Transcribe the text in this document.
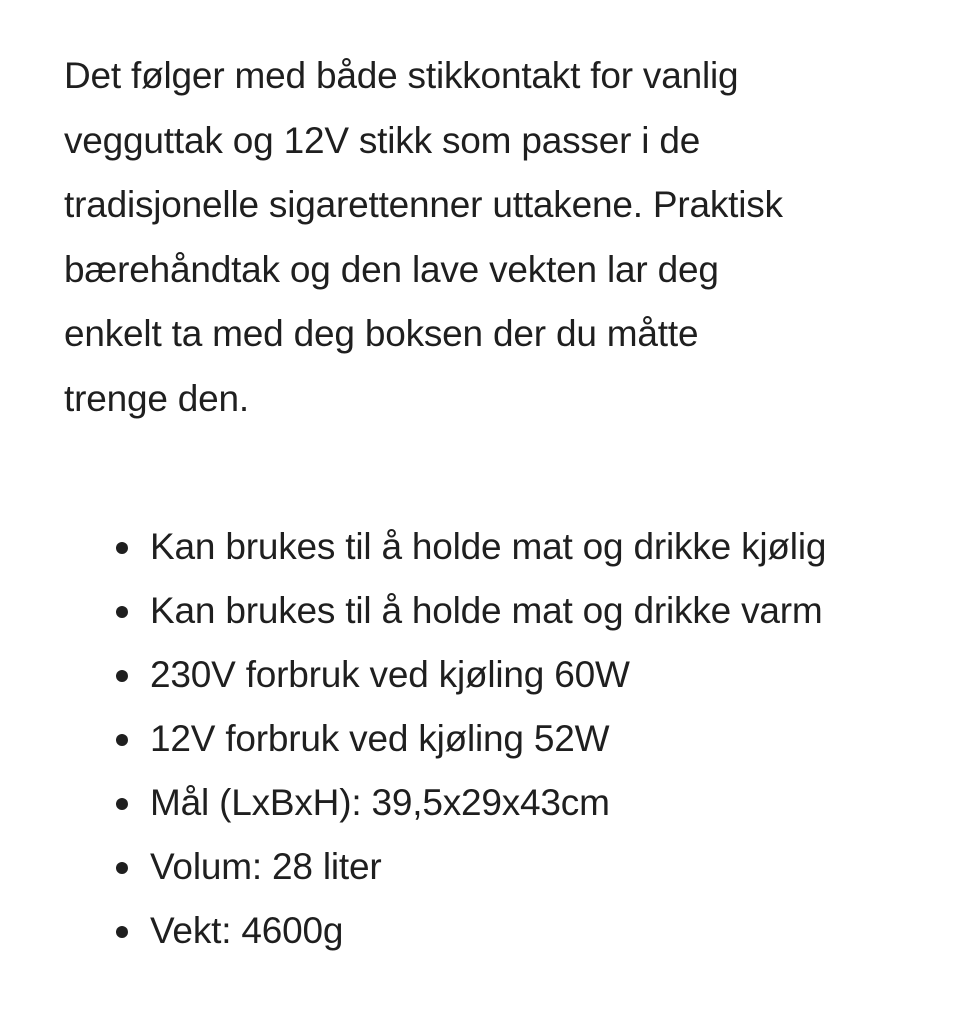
Det følger med både stikkontakt for vanlig
vegguttak og 12V stikk som passer i de
tradisjonelle sigarettenner uttakene. Praktisk
bærehåndtak og den lave vekten lar deg
enkelt ta med deg boksen der du måtte
trenge den.

Kan brukes til å holde mat og drikke kjølig
Kan brukes til å holde mat og drikke varm
230V forbruk ved kjøling 60W
12V forbruk ved kjøling 52W
Mål (LxBxH): 39,5x29x43cm
Volum: 28 liter
Vekt: 4600g
